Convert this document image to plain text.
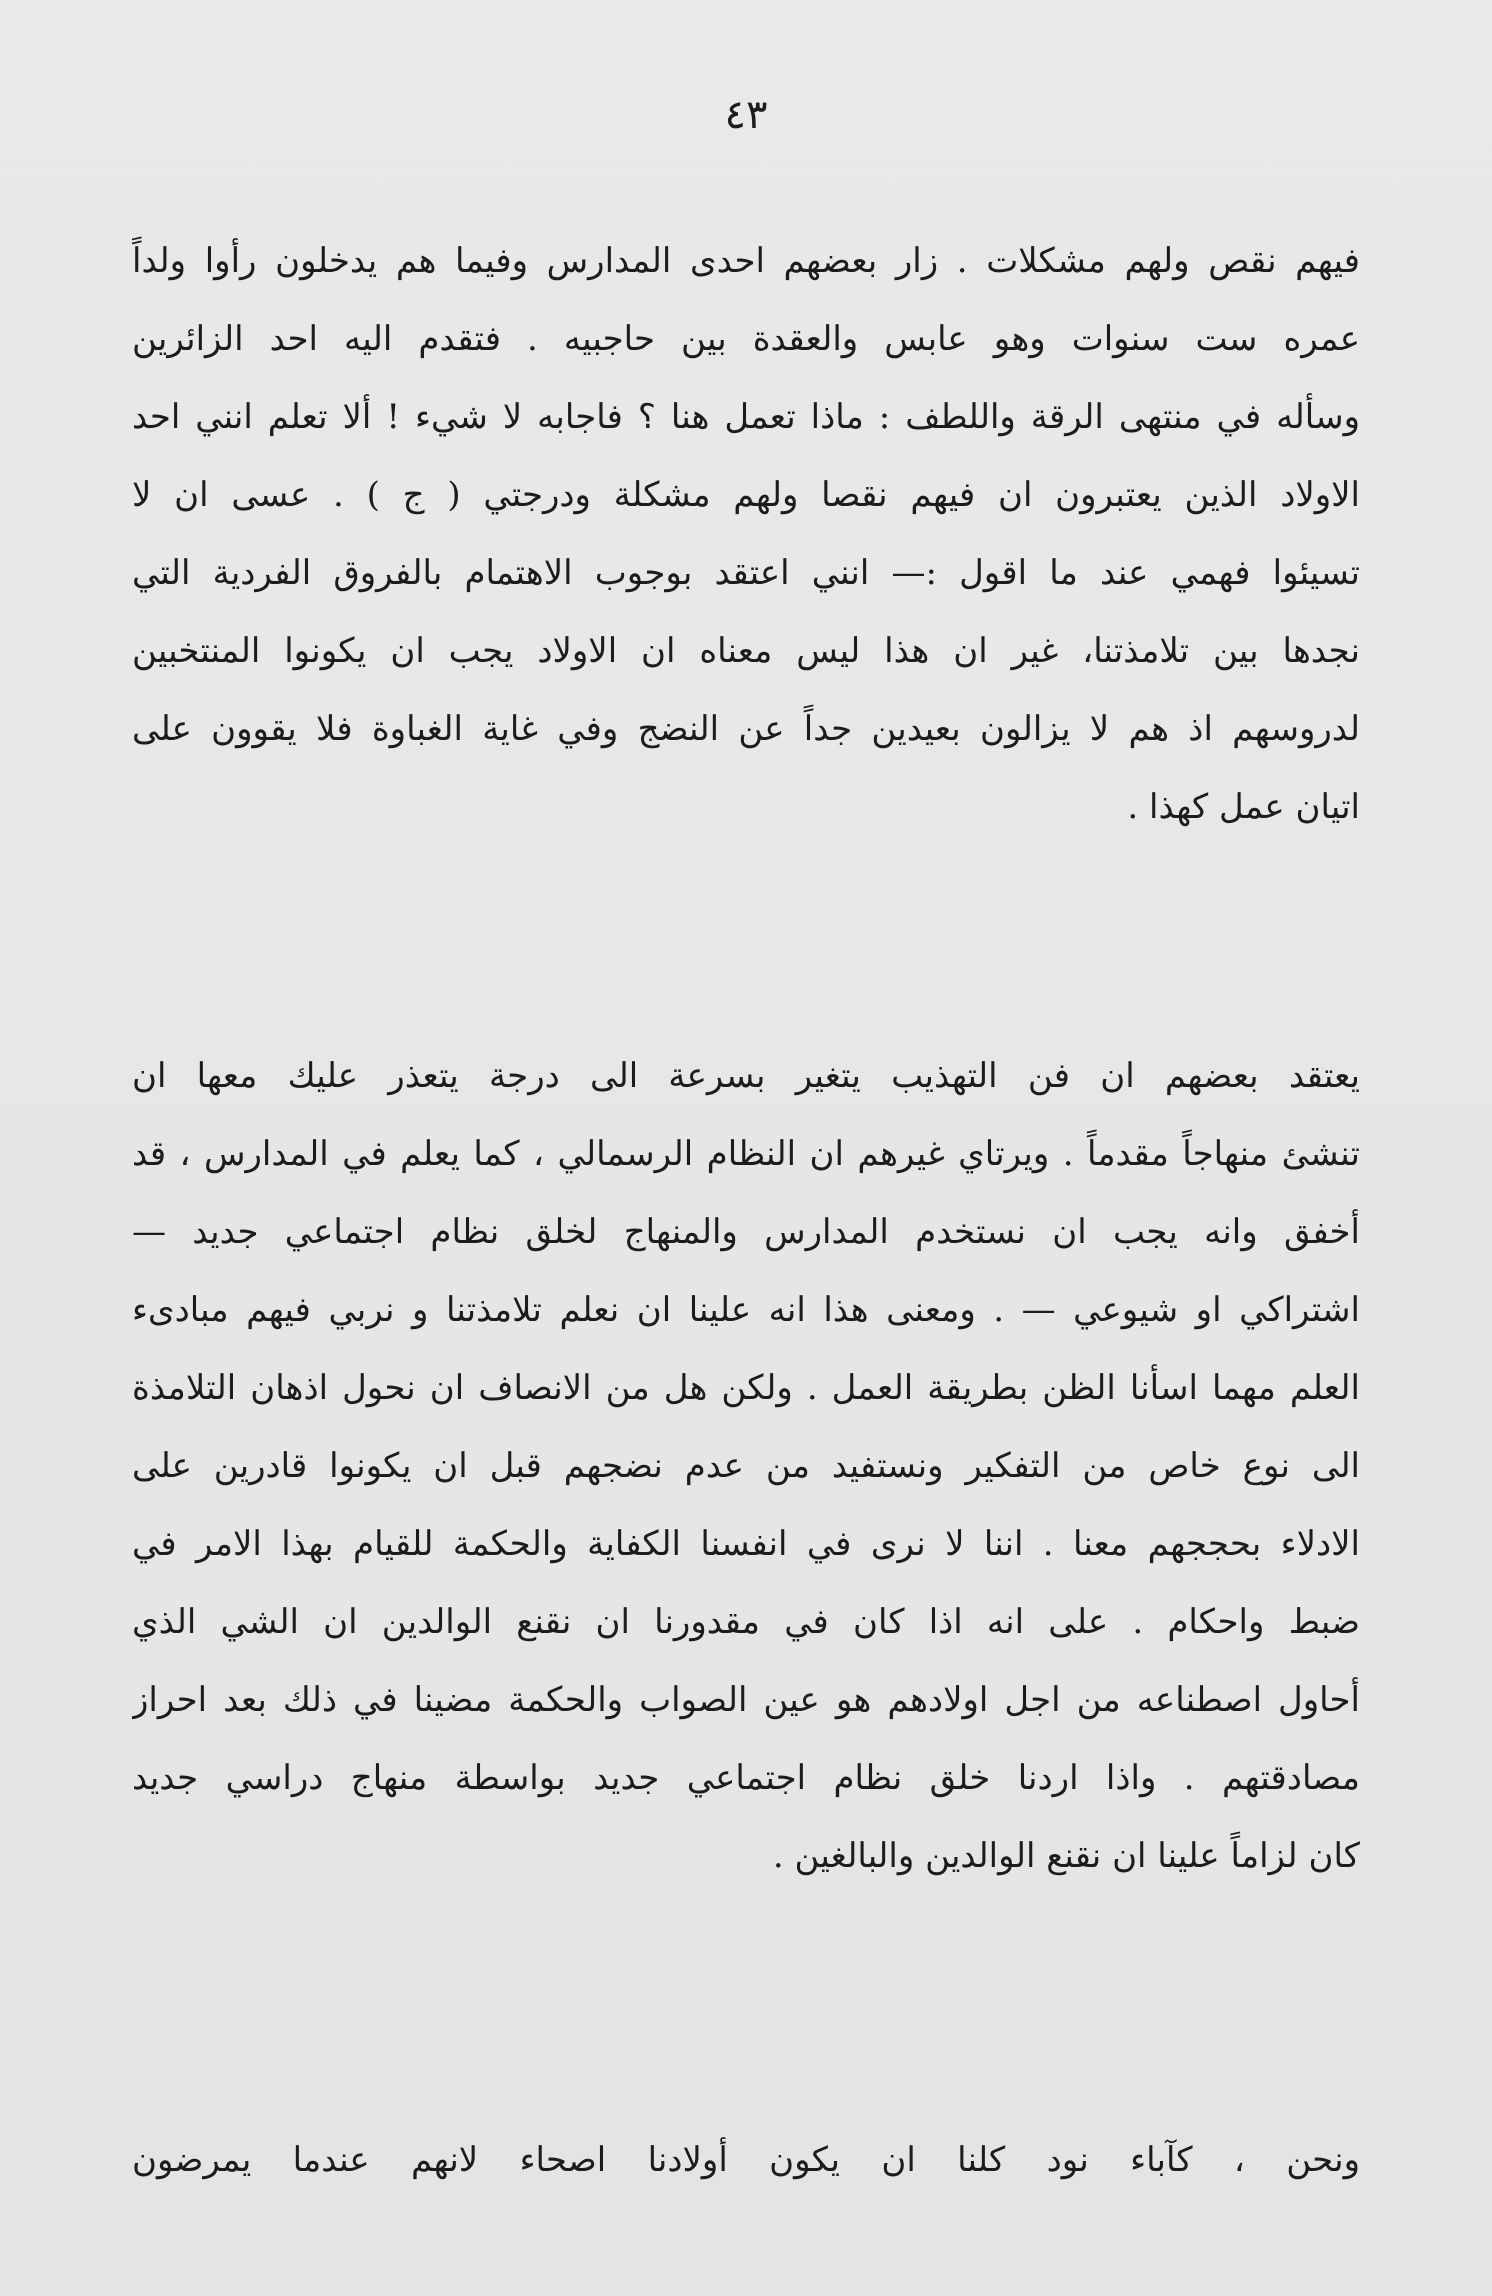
٤٣
فيهم نقص ولهم مشكلات . زار بعضهم احدى المدارس وفيما هم يدخلون رأوا ولداً
عمره ست سنوات وهو عابس والعقدة بين حاجبيه . فتقدم اليه احد الزائرين
وسأله في منتهى الرقة واللطف : ماذا تعمل هنا ؟ فاجابه لا شيء ! ألا تعلم انني احد
الاولاد الذين يعتبرون ان فيهم نقصا ولهم مشكلة ودرجتي ( ج ) . عسى ان لا
تسيئوا فهمي عند ما اقول :— انني اعتقد بوجوب الاهتمام بالفروق الفردية التي
نجدها بين تلامذتنا، غير ان هذا ليس معناه ان الاولاد يجب ان يكونوا المنتخبين
لدروسهم اذ هم لا يزالون بعيدين جداً عن النضج وفي غاية الغباوة فلا يقوون على
اتيان عمل كهذا .
يعتقد بعضهم ان فن التهذيب يتغير بسرعة الى درجة يتعذر عليك معها ان
تنشئ منهاجاً مقدماً . ويرتاي غيرهم ان النظام الرسمالي ، كما يعلم في المدارس ، قد
أخفق وانه يجب ان نستخدم المدارس والمنهاج لخلق نظام اجتماعي جديد —
اشتراكي او شيوعي — . ومعنى هذا انه علينا ان نعلم تلامذتنا و نربي فيهم مبادىء
العلم مهما اسأنا الظن بطريقة العمل . ولكن هل من الانصاف ان نحول اذهان التلامذة
الى نوع خاص من التفكير ونستفيد من عدم نضجهم قبل ان يكونوا قادرين على
الادلاء بحججهم معنا . اننا لا نرى في انفسنا الكفاية والحكمة للقيام بهذا الامر في
ضبط واحكام . على انه اذا كان في مقدورنا ان نقنع الوالدين ان الشي الذي
أحاول اصطناعه من اجل اولادهم هو عين الصواب والحكمة مضينا في ذلك بعد احراز
مصادقتهم . واذا اردنا خلق نظام اجتماعي جديد بواسطة منهاج دراسي جديد
كان لزاماً علينا ان نقنع الوالدين والبالغين .
ونحن ، كآباء نود كلنا ان يكون أولادنا اصحاء لانهم عندما يمرضون
